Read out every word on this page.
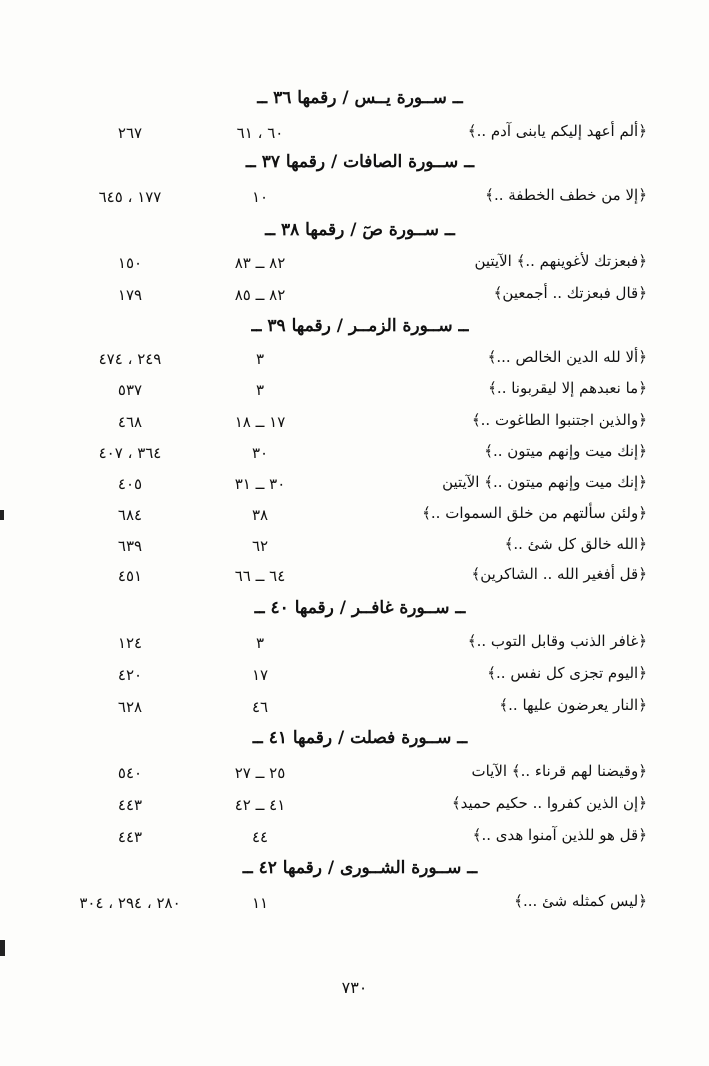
ــ ســورة يــس / رقمها ٣٦ ــ
﴿ألم أعهد إليكم يابنى آدم ..﴾
٦٠ ، ٦١
٢٦٧
ــ ســورة الصافات / رقمها ٣٧ ــ
﴿إلا من خطف الخطفة ..﴾
١٠
١٧٧ ، ٦٤٥
ــ ســورة صٓ / رقمها ٣٨ ــ
﴿فبعزتك لأغوينهم ..﴾ الآيتين
٨٢ ــ ٨٣
١٥٠
﴿قال فبعزتك .. أجمعين﴾
٨٢ ــ ٨٥
١٧٩
ــ ســورة الزمــر / رقمها ٣٩ ــ
﴿ألا لله الدين الخالص ...﴾
٣
٢٤٩ ، ٤٧٤
﴿ما نعبدهم إلا ليقربونا ..﴾
٣
٥٣٧
﴿والذين اجتنبوا الطاغوت ..﴾
١٧ ــ ١٨
٤٦٨
﴿إنك ميت وإنهم ميتون ..﴾
٣٠
٣٦٤ ، ٤٠٧
﴿إنك ميت وإنهم ميتون ..﴾ الآيتين
٣٠ ــ ٣١
٤٠٥
﴿ولئن سألتهم من خلق السموات ..﴾
٣٨
٦٨٤
﴿الله خالق كل شئ ..﴾
٦٢
٦٣٩
﴿قل أفغير الله .. الشاكرين﴾
٦٤ ــ ٦٦
٤٥١
ــ ســورة غافــر / رقمها ٤٠ ــ
﴿غافر الذنب وقابل التوب ..﴾
٣
١٢٤
﴿اليوم تجزى كل نفس ..﴾
١٧
٤٢٠
﴿النار يعرضون عليها ..﴾
٤٦
٦٢٨
ــ ســورة فصلت / رقمها ٤١ ــ
﴿وقيضنا لهم قرناء ..﴾ الآيات
٢٥ ــ ٢٧
٥٤٠
﴿إن الذين كفروا .. حكيم حميد﴾
٤١ ــ ٤٢
٤٤٣
﴿قل هو للذين آمنوا هدى ..﴾
٤٤
٤٤٣
ــ ســورة الشــورى / رقمها ٤٢ ــ
﴿ليس كمثله شئ ...﴾
١١
٢٨٠ ، ٢٩٤ ، ٣٠٤
٧٣٠
